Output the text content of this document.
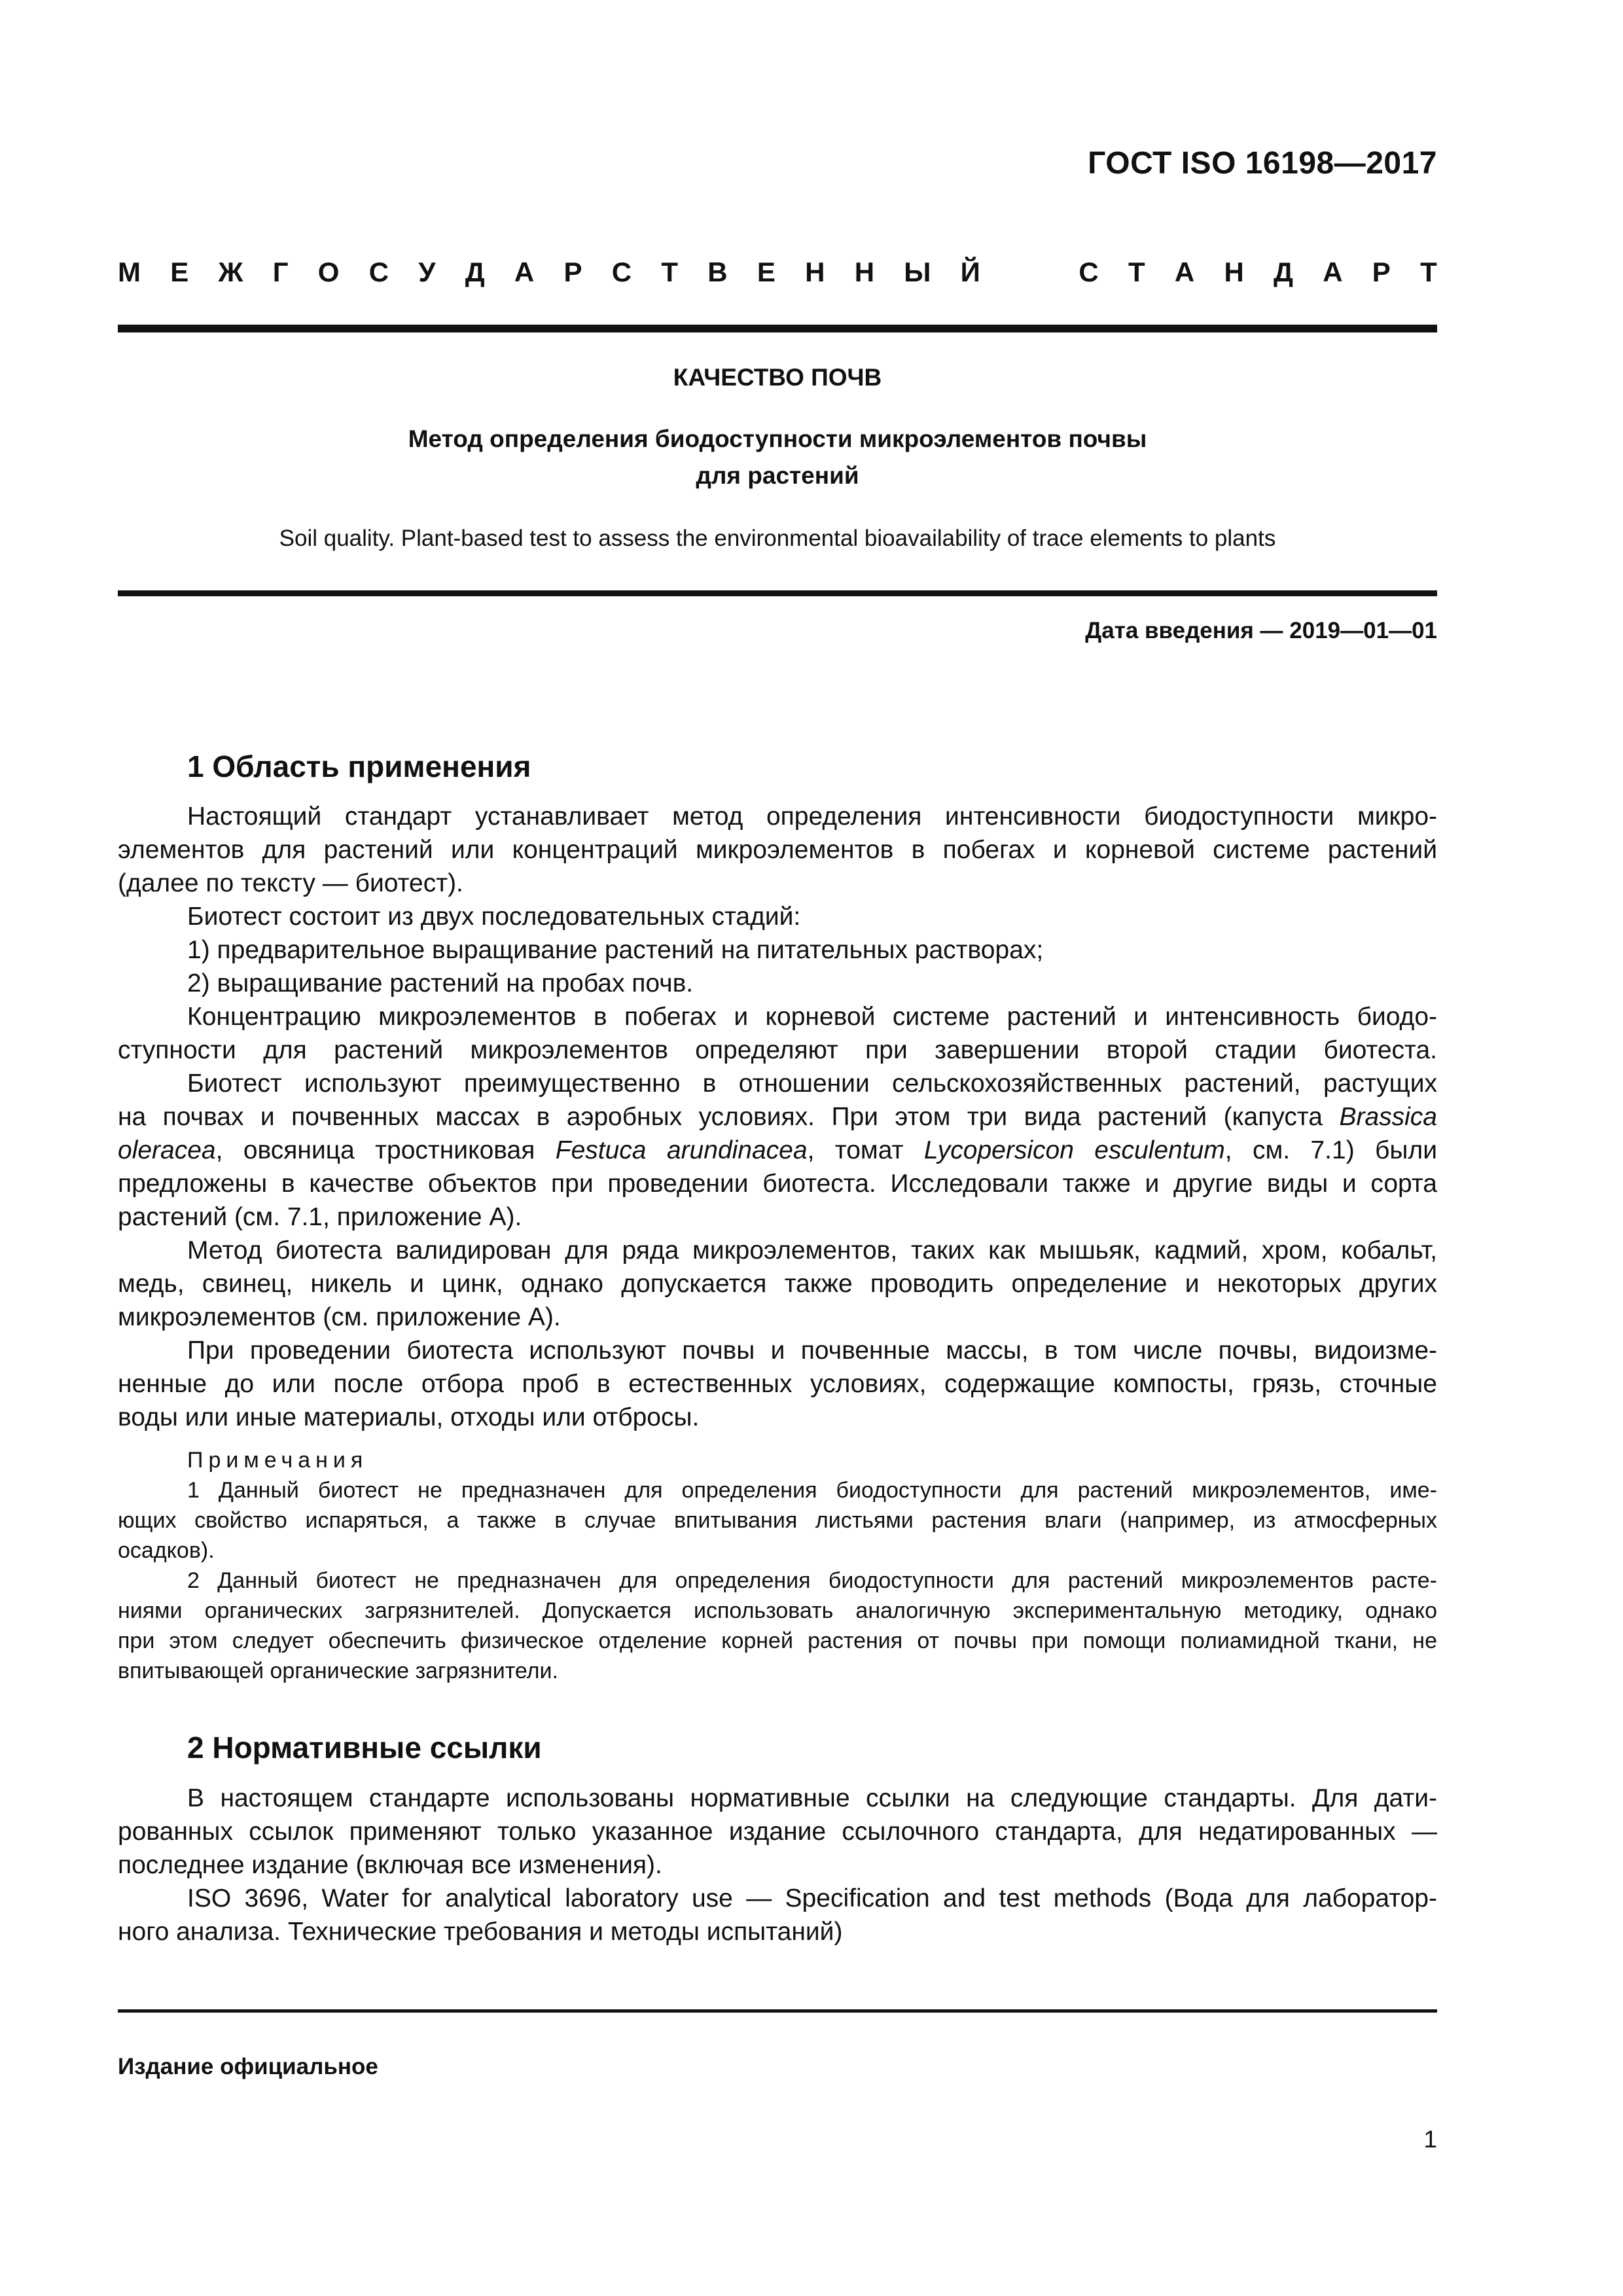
ГОСТ ISO 16198—2017
М Е Ж Г О С У Д А Р С Т В Е Н Н Ы Й	С Т А Н Д А Р Т
КАЧЕСТВО ПОЧВ
Метод определения биодоступности микроэлементов почвы
для растений
Soil quality. Plant-based test to assess the environmental bioavailability of trace elements to plants
Дата введения — 2019—01—01
1 Область применения
Настоящий стандарт устанавливает метод определения интенсивности биодоступности микро-
элементов для растений или концентраций микроэлементов в побегах и корневой системе растений
(далее по тексту — биотест).
Биотест состоит из двух последовательных стадий:
1) предварительное выращивание растений на питательных растворах;
2) выращивание растений на пробах почв.
Концентрацию микроэлементов в побегах и корневой системе растений и интенсивность биодо-
ступности для растений микроэлементов определяют при завершении второй стадии биотеста.
Биотест используют преимущественно в отношении сельскохозяйственных растений, растущих
на почвах и почвенных массах в аэробных условиях. При этом три вида растений (капуста Brassica
oleracea, овсяница тростниковая Festuca arundinacea, томат Lycopersicon esculentum, см. 7.1) были
предложены в качестве объектов при проведении биотеста. Исследовали также и другие виды и сорта
растений (см. 7.1, приложение А).
Метод биотеста валидирован для ряда микроэлементов, таких как мышьяк, кадмий, хром, кобальт,
медь, свинец, никель и цинк, однако допускается также проводить определение и некоторых других
микроэлементов (см. приложение А).
При проведении биотеста используют почвы и почвенные массы, в том числе почвы, видоизме-
ненные до или после отбора проб в естественных условиях, содержащие компосты, грязь, сточные
воды или иные материалы, отходы или отбросы.
Примечания
1 Данный биотест не предназначен для определения биодоступности для растений микроэлементов, име-
ющих свойство испаряться, а также в случае впитывания листьями растения влаги (например, из атмосферных
осадков).
2 Данный биотест не предназначен для определения биодоступности для растений микроэлементов расте-
ниями органических загрязнителей. Допускается использовать аналогичную экспериментальную методику, однако
при этом следует обеспечить физическое отделение корней растения от почвы при помощи полиамидной ткани, не
впитывающей органические загрязнители.
2 Нормативные ссылки
В настоящем стандарте использованы нормативные ссылки на следующие стандарты. Для дати-
рованных ссылок применяют только указанное издание ссылочного стандарта, для недатированных —
последнее издание (включая все изменения).
ISO 3696, Water for analytical laboratory use — Specification and test methods (Вода для лаборатор-
ного анализа. Технические требования и методы испытаний)
Издание официальное
1
